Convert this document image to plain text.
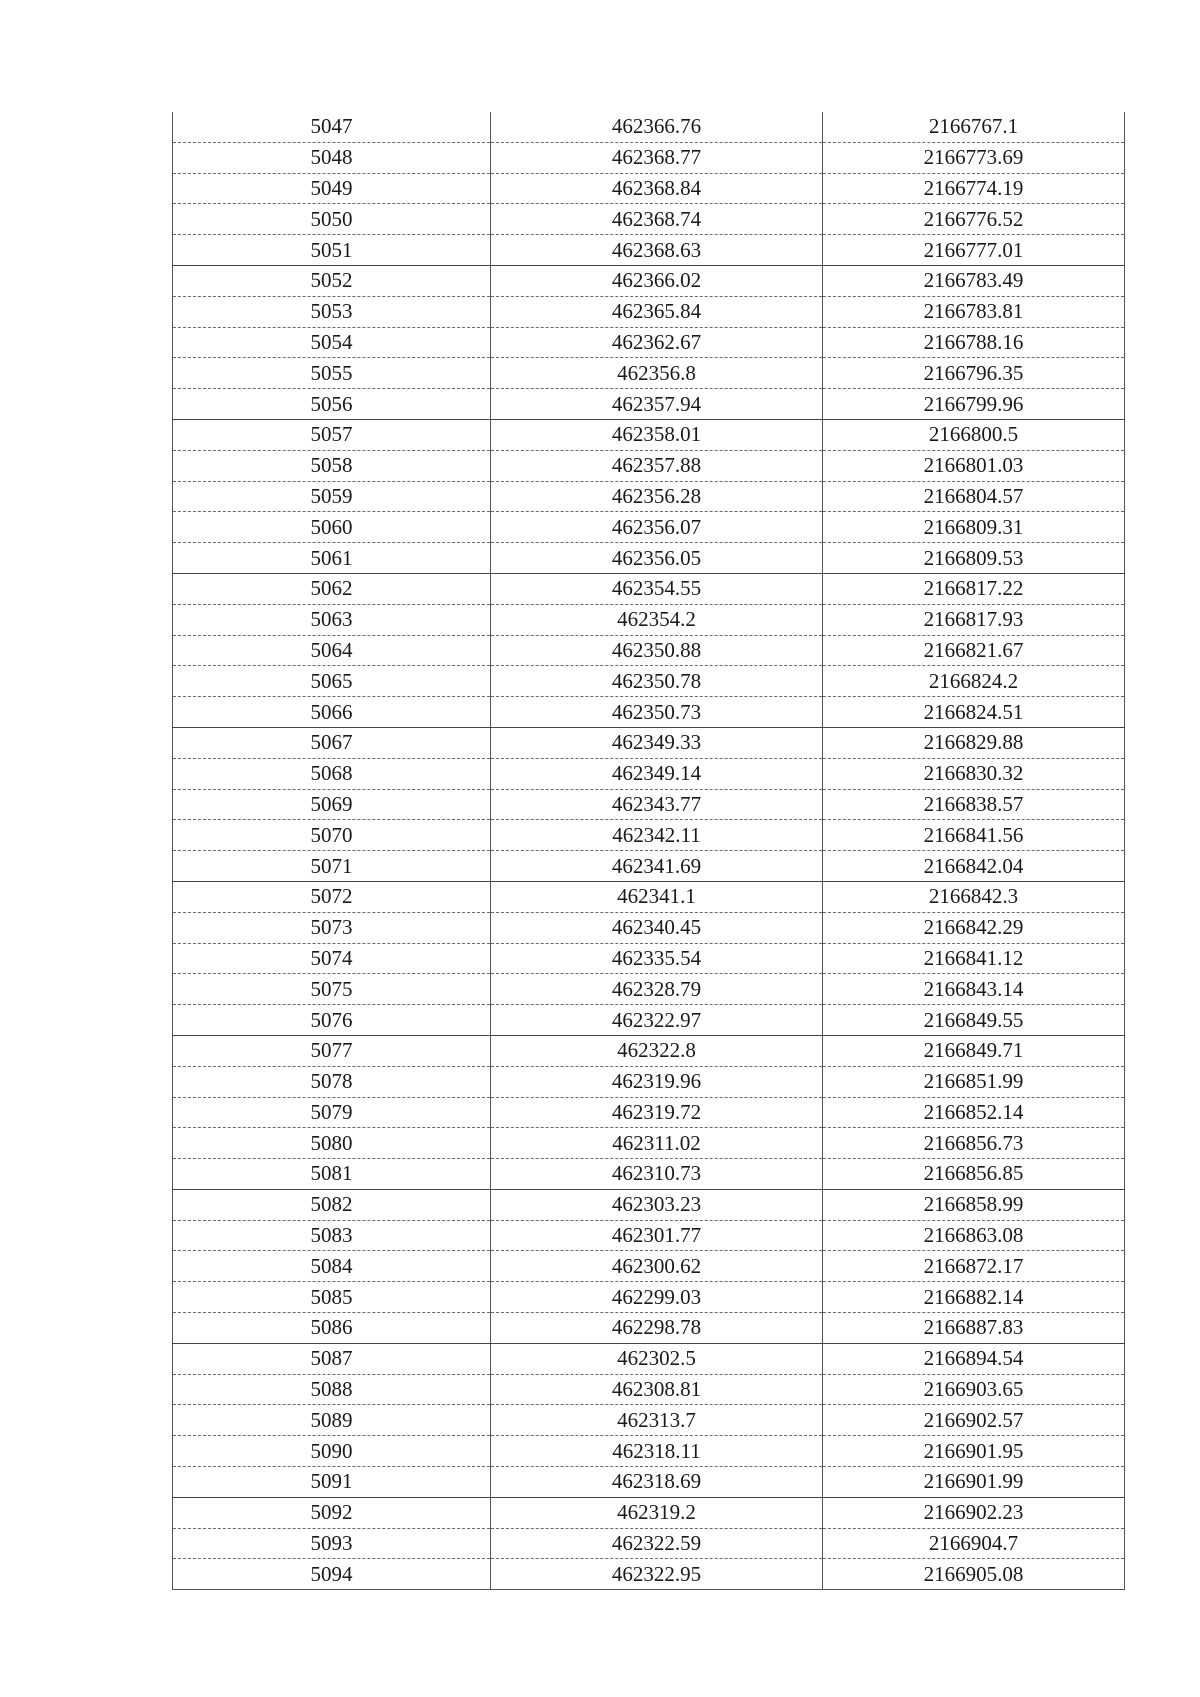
5047	462366.76	2166767.1
5048	462368.77	2166773.69
5049	462368.84	2166774.19
5050	462368.74	2166776.52
5051	462368.63	2166777.01
5052	462366.02	2166783.49
5053	462365.84	2166783.81
5054	462362.67	2166788.16
5055	462356.8	2166796.35
5056	462357.94	2166799.96
5057	462358.01	2166800.5
5058	462357.88	2166801.03
5059	462356.28	2166804.57
5060	462356.07	2166809.31
5061	462356.05	2166809.53
5062	462354.55	2166817.22
5063	462354.2	2166817.93
5064	462350.88	2166821.67
5065	462350.78	2166824.2
5066	462350.73	2166824.51
5067	462349.33	2166829.88
5068	462349.14	2166830.32
5069	462343.77	2166838.57
5070	462342.11	2166841.56
5071	462341.69	2166842.04
5072	462341.1	2166842.3
5073	462340.45	2166842.29
5074	462335.54	2166841.12
5075	462328.79	2166843.14
5076	462322.97	2166849.55
5077	462322.8	2166849.71
5078	462319.96	2166851.99
5079	462319.72	2166852.14
5080	462311.02	2166856.73
5081	462310.73	2166856.85
5082	462303.23	2166858.99
5083	462301.77	2166863.08
5084	462300.62	2166872.17
5085	462299.03	2166882.14
5086	462298.78	2166887.83
5087	462302.5	2166894.54
5088	462308.81	2166903.65
5089	462313.7	2166902.57
5090	462318.11	2166901.95
5091	462318.69	2166901.99
5092	462319.2	2166902.23
5093	462322.59	2166904.7
5094	462322.95	2166905.08
